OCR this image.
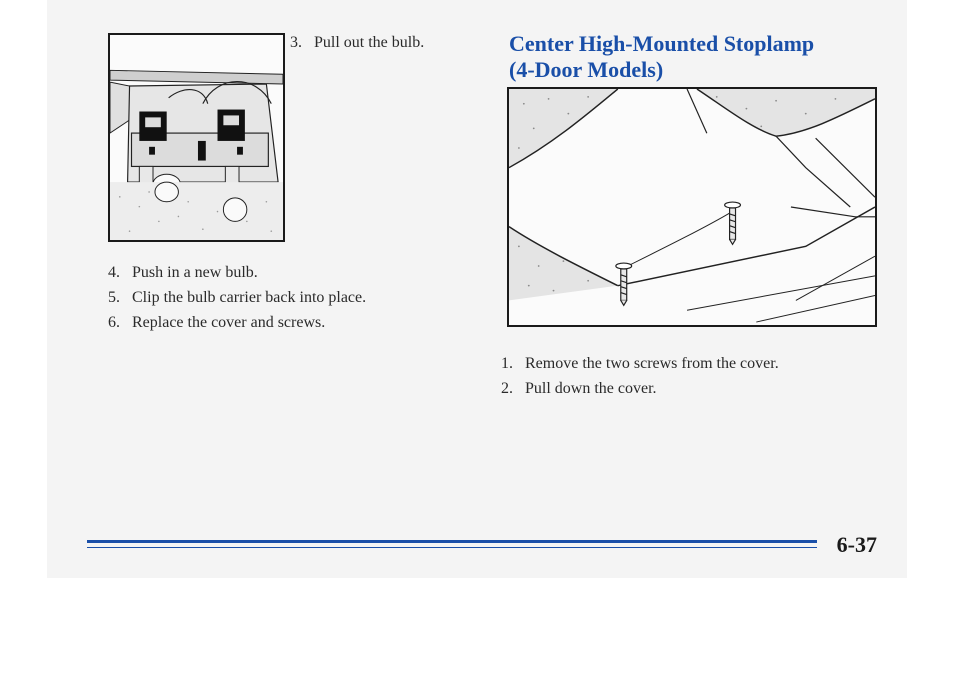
3. Pull out the bulb.
4. Push in a new bulb.
5. Clip the bulb carrier back into place.
6. Replace the cover and screws.
Center High-Mounted Stoplamp
(4-Door Models)
1. Remove the two screws from the cover.
2. Pull down the cover.
6-37
